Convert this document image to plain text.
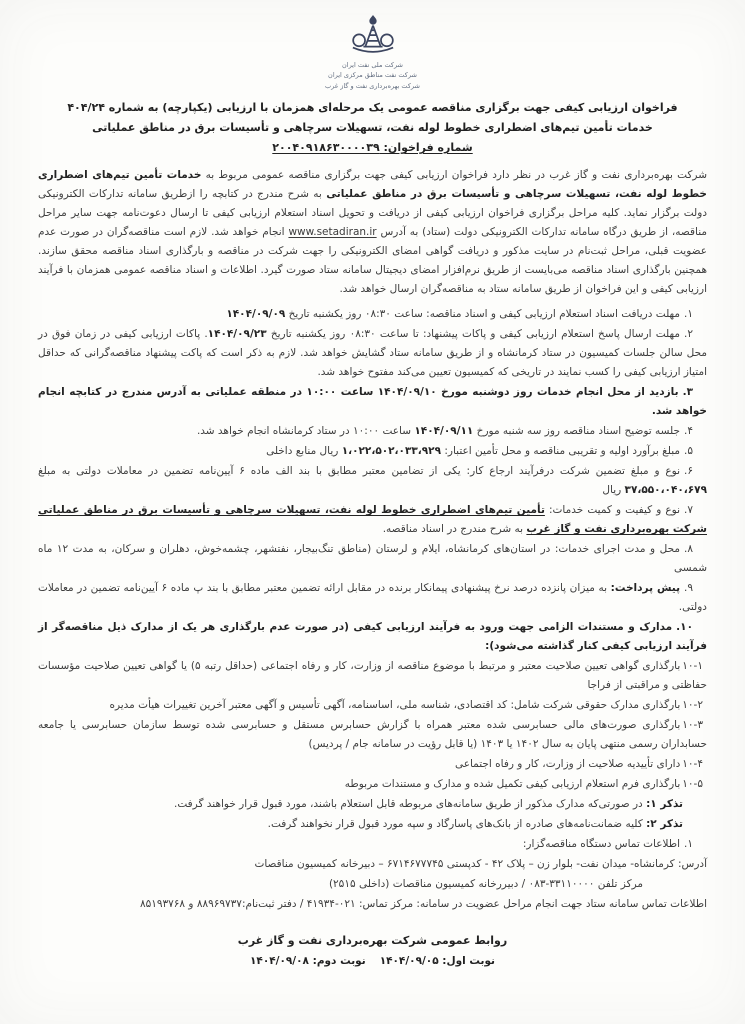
شرکت ملی نفت ایران
شرکت نفت مناطق مرکزی ایران
شرکت بهره‌برداری نفت و گاز غرب
فراخوان ارزیابی کیفی جهت برگزاری مناقصه عمومی یک مرحله‌ای همزمان با ارزیابی (یکپارچه) به شماره ۴۰۴/۲۴
خدمات تأمین تیم‌های اضطراری خطوط لوله نفت، تسهیلات سرچاهی و تأسیسات برق در مناطق عملیاتی
شماره فراخوان: ۲۰۰۴۰۹۱۸۶۳۰۰۰۰۳۹

شرکت بهره‌برداری نفت و گاز غرب در نظر دارد فراخوان ارزیابی کیفی جهت برگزاری مناقصه عمومی مربوط به خدمات تأمین تیم‌های اضطراری خطوط لوله نفت، تسهیلات سرچاهی و تأسیسات برق در مناطق عملیاتی به شرح مندرج در کتابچه را ازطریق سامانه تدارکات الکترونیکی دولت برگزار نماید. کلیه مراحل برگزاری فراخوان ارزیابی کیفی از دریافت و تحویل اسناد استعلام ارزیابی کیفی تا ارسال دعوت‌نامه جهت سایر مراحل مناقصه، از طریق درگاه سامانه تدارکات الکترونیکی دولت (ستاد) به آدرس www.setadiran.ir انجام خواهد شد. لازم است مناقصه‌گران در صورت عدم عضویت قبلی، مراحل ثبت‌نام در سایت مذکور و دریافت گواهی امضای الکترونیکی را جهت شرکت در مناقصه و بارگذاری اسناد مناقصه محقق سازند. همچنین بارگذاری اسناد مناقصه می‌بایست از طریق نرم‌افزار امضای دیجیتال سامانه ستاد صورت گیرد. اطلاعات و اسناد مناقصه عمومی همزمان با فرآیند ارزیابی کیفی و این فراخوان از طریق سامانه ستاد به مناقصه‌گران ارسال خواهد شد.

۱.مهلت دریافت اسناد استعلام ارزیابی کیفی و اسناد مناقصه: ساعت ۰۸:۳۰ روز یکشنبه تاریخ ۱۴۰۴/۰۹/۰۹
۲.مهلت ارسال پاسخ استعلام ارزیابی کیفی و پاکات پیشنهاد: تا ساعت ۰۸:۳۰ روز یکشنبه تاریخ ۱۴۰۴/۰۹/۲۳. پاکات ارزیابی کیفی در زمان فوق در محل سالن جلسات کمیسیون در ستاد کرمانشاه و از طریق سامانه ستاد گشایش خواهد شد. لازم به ذکر است که پاکت پیشنهاد مناقصه‌گرانی که حداقل امتیاز ارزیابی کیفی را کسب نمایند در تاریخی که کمیسیون تعیین می‌کند مفتوح خواهد شد.
۳.بازدید از محل انجام خدمات روز دوشنبه مورخ ۱۴۰۴/۰۹/۱۰ ساعت ۱۰:۰۰ در منطقه عملیاتی به آدرس مندرج در کتابچه انجام خواهد شد.
۴.جلسه توضیح اسناد مناقصه روز سه شنبه مورخ ۱۴۰۴/۰۹/۱۱ ساعت ۱۰:۰۰ در ستاد کرمانشاه انجام خواهد شد.
۵.مبلغ برآورد اولیه و تقریبی مناقصه و محل تأمین اعتبار: ۱،۰۲۲،۵۰۲،۰۳۳،۹۲۹ ریال منابع داخلی
۶.نوع و مبلغ تضمین شرکت درفرآیند ارجاع کار: یکی از تضامین معتبر مطابق با بند الف ماده ۶ آیین‌نامه تضمین در معاملات دولتی به مبلغ ۳۷،۵۵۰،۰۴۰،۶۷۹ ریال
۷.نوع و کیفیت و کمیت خدمات: تأمین تیم‌های اضطراری خطوط لوله نفت، تسهیلات سرچاهی و تأسیسات برق در مناطق عملیاتی شرکت بهره‌برداری نفت و گاز غرب به شرح مندرج در اسناد مناقصه.
۸.محل و مدت اجرای خدمات: در استان‌های کرمانشاه، ایلام و لرستان (مناطق تنگ‌بیجار، نفتشهر، چشمه‌خوش، دهلران و سرکان، به مدت ۱۲ ماه شمسی
۹.پیش پرداخت: به میزان پانزده درصد نرخ پیشنهادی پیمانکار برنده در مقابل ارائه تضمین معتبر مطابق با بند پ ماده ۶ آیین‌نامه تضمین در معاملات دولتی.
۱۰.مدارک و مستندات الزامی جهت ورود به فرآیند ارزیابی کیفی (در صورت عدم بارگذاری هر یک از مدارک ذیل مناقصه‌گر از فرآیند ارزیابی کیفی کنار گذاشته می‌شود):
۱۰-۱بارگذاری گواهی تعیین صلاحیت معتبر و مرتبط با موضوع مناقصه از وزارت، کار و رفاه اجتماعی (حداقل رتبه ۵) یا گواهی تعیین صلاحیت مؤسسات حفاظتی و مراقبتی از فراجا
۱۰-۲بارگذاری مدارک حقوقی شرکت شامل: کد اقتصادی، شناسه ملی، اساسنامه، آگهی تأسیس و آگهی معتبر آخرین تغییرات هیأت مدیره
۱۰-۳بارگذاری صورت‌های مالی حسابرسی شده معتبر همراه با گزارش حسابرس مستقل و حسابرسی شده توسط سازمان حسابرسی یا جامعه حسابداران رسمی منتهی پایان به سال ۱۴۰۲ یا ۱۴۰۳ (یا قابل رؤیت در سامانه جام / پردیس)
۱۰-۴دارای تأییدیه صلاحیت از وزارت، کار و رفاه اجتماعی
۱۰-۵بارگذاری فرم استعلام ارزیابی کیفی تکمیل شده و مدارک و مستندات مربوطه
تذکر ۱: در صورتی‌که مدارک مذکور از طریق سامانه‌های مربوطه قابل استعلام باشند، مورد قبول قرار خواهند گرفت.
تذکر ۲: کلیه ضمانت‌نامه‌های صادره از بانک‌های پاسارگاد و سپه مورد قبول قرار نخواهند گرفت.
۱.اطلاعات تماس دستگاه مناقصه‌گزار:
آدرس: کرمانشاه- میدان نفت- بلوار زن – پلاک ۴۲ - کدپستی ۶۷۱۴۶۷۷۷۴۵ – دبیرخانه کمیسیون مناقصات
مرکز تلفن ۳۳۱۱۰۰۰۰-۰۸۳ / دبیررخانه کمیسیون مناقصات (داخلی ۲۵۱۵)
اطلاعات تماس سامانه ستاد جهت انجام مراحل عضویت در سامانه: مرکز تماس: ۰۲۱-۴۱۹۳۴ / دفتر ثبت‌نام:۸۸۹۶۹۷۳۷ و ۸۵۱۹۳۷۶۸
روابط عمومی شرکت بهره‌برداری نفت و گاز غرب
نوبت اول: ۱۴۰۴/۰۹/۰۵نوبت دوم: ۱۴۰۴/۰۹/۰۸
